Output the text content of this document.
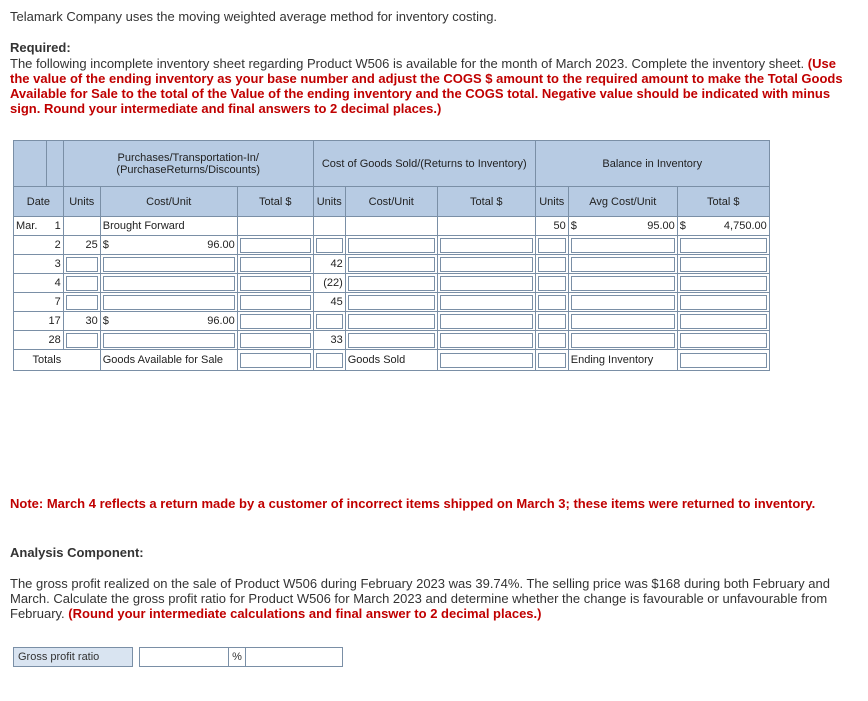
Telamark Company uses the moving weighted average method for inventory costing.
Required:
The following incomplete inventory sheet regarding Product W506 is available for the month of March 2023. Complete the inventory sheet. (Use the value of the ending inventory as your base number and adjust the COGS $ amount to the required amount to make the Total Goods Available for Sale to the total of the Value of the ending inventory and the COGS total. Negative value should be indicated with minus sign. Round your intermediate and final answers to 2 decimal places.)
		Purchases/Transportation-In/ (PurchaseReturns/Discounts)			Cost of Goods Sold/(Returns to Inventory)			Balance in Inventory		
Date		Units	Cost/Unit	Total $	Units	Cost/Unit	Total $	Units	Avg Cost/Unit	Total $
Mar.	1		Brought Forward					50	$ 95.00	$ 4,750.00

	2	25	$ 96.00							

	3				42	

	4				(22)	

	7				45	

	17	30	$ 96.00							

	28				33	

Totals			Goods Available for Sale			Goods Sold			Ending Inventory	
Note: March 4 reflects a return made by a customer of incorrect items shipped on March 3; these items were returned to inventory.
Analysis Component:
The gross profit realized on the sale of Product W506 during February 2023 was 39.74%. The selling price was $168 during both February and March. Calculate the gross profit ratio for Product W506 for March 2023 and determine whether the change is favourable or unfavourable from February. (Round your intermediate calculations and final answer to 2 decimal places.)
Gross profit ratio	%
